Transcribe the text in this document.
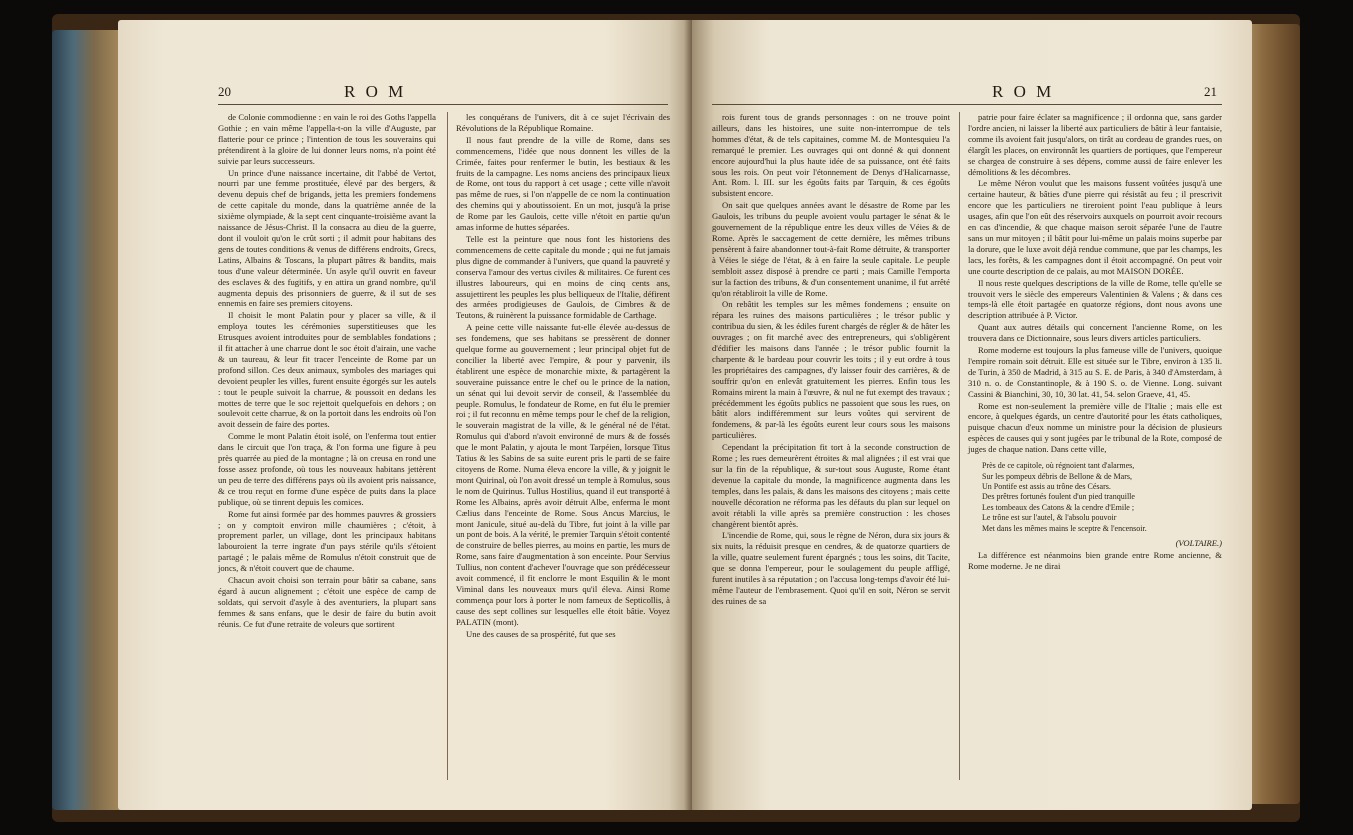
20	R O M

de Colonie commodienne : en vain le roi des Goths l'appella Gothie ; en vain même l'appella-t-on la ville d'Auguste, par flatterie pour ce prince ; l'intention de tous les souverains qui prétendirent à la gloire de lui donner leurs noms, n'a point été suivie par leurs successeurs.

Un prince d'une naissance incertaine, dit l'abbé de Vertot, nourri par une femme prostituée, élevé par des bergers, & devenu depuis chef de brigands, jetta les premiers fondemens de cette capitale du monde, dans la quatrième année de la sixième olympiade, & la sept cent cinquante-troisième avant la naissance de Jésus-Christ. Il la consacra au dieu de la guerre, dont il vouloit qu'on le crût sorti ; il admit pour habitans des gens de toutes conditions & venus de différens endroits, Grecs, Latins, Albains & Toscans, la plupart pâtres & bandits, mais tous d'une valeur déterminée. Un asyle qu'il ouvrit en faveur des esclaves & des fugitifs, y en attira un grand nombre, qu'il augmenta depuis des prisonniers de guerre, & il sut de ses ennemis en faire ses premiers citoyens.

Il choisit le mont Palatin pour y placer sa ville, & il employa toutes les cérémonies superstitieuses que les Etrusques avoient introduites pour de semblables fondations ; il fit attacher à une charrue dont le soc étoit d'airain, une vache & un taureau, & leur fit tracer l'enceinte de Rome par un profond sillon. Ces deux animaux, symboles des mariages qui devoient peupler les villes, furent ensuite égorgés sur les autels : tout le peuple suivoit la charrue, & poussoit en dedans les mottes de terre que le soc rejettoit quelquefois en dehors ; on soulevoit cette charrue, & on la portoit dans les endroits où l'on avoit dessein de faire des portes.

Comme le mont Palatin étoit isolé, on l'enferma tout entier dans le circuit que l'on traça, & l'on forma une figure à peu près quarrée au pied de la montagne ; là on creusa en rond une fosse assez profonde, où tous les nouveaux habitans jettèrent un peu de terre des différens pays où ils avoient pris naissance, & ce trou reçut en forme d'une espèce de puits dans la place publique, où se tinrent depuis les comices.

Rome fut ainsi formée par des hommes pauvres & grossiers ; on y comptoit environ mille chaumières ; c'étoit, à proprement parler, un village, dont les principaux habitans labouroient la terre ingrate d'un pays stérile qu'ils s'étoient partagé ; le palais même de Romulus n'étoit construit que de joncs, & n'étoit couvert que de chaume.

Chacun avoit choisi son terrain pour bâtir sa cabane, sans égard à aucun alignement ; c'étoit une espèce de camp de soldats, qui servoit d'asyle à des aventuriers, la plupart sans femmes & sans enfans, que le desir de faire du butin avoit réunis. Ce fut d'une retraite de voleurs que sortirent

les conquérans de l'univers, dit à ce sujet l'écrivain des Révolutions de la République Romaine.

Il nous faut prendre de la ville de Rome, dans ses commencemens, l'idée que nous donnent les villes de la Crimée, faites pour renfermer le butin, les bestiaux & les fruits de la campagne. Les noms anciens des principaux lieux de Rome, ont tous du rapport à cet usage ; cette ville n'avoit pas même de rues, si l'on n'appelle de ce nom la continuation des chemins qui y aboutissoient. En un mot, jusqu'à la prise de Rome par les Gaulois, cette ville n'étoit en partie qu'un amas informe de huttes séparées.

Telle est la peinture que nous font les historiens des commencemens de cette capitale du monde ; qui ne fut jamais plus digne de commander à l'univers, que quand la pauvreté y conserva l'amour des vertus civiles & militaires. Ce furent ces illustres laboureurs, qui en moins de cinq cents ans, assujettirent les peuples les plus belliqueux de l'Italie, défirent des armées prodigieuses de Gaulois, de Cimbres & de Teutons, & ruinèrent la puissance formidable de Carthage.

A peine cette ville naissante fut-elle élevée au-dessus de ses fondemens, que ses habitans se pressèrent de donner quelque forme au gouvernement ; leur principal objet fut de concilier la liberté avec l'empire, & pour y parvenir, ils établirent une espèce de monarchie mixte, & partagèrent la souveraine puissance entre le chef ou le prince de la nation, un sénat qui lui devoit servir de conseil, & l'assemblée du peuple. Romulus, le fondateur de Rome, en fut élu le premier roi ; il fut reconnu en même temps pour le chef de la religion, le souverain magistrat de la ville, & le général né de l'état. Romulus qui d'abord n'avoit environné de murs & de fossés que le mont Palatin, y ajouta le mont Tarpéien, lorsque Titus Tatius & les Sabins de sa suite eurent pris le parti de se faire citoyens de Rome. Numa éleva encore la ville, & y joignit le mont Quirinal, où l'on avoit dressé un temple à Romulus, sous le nom de Quirinus. Tullus Hostilius, quand il eut transporté à Rome les Albains, après avoir détruit Albe, enferma le mont Cælius dans l'enceinte de Rome. Sous Ancus Marcius, le mont Janicule, situé au-delà du Tibre, fut joint à la ville par un pont de bois. A la vérité, le premier Tarquin s'étoit contenté de construire de belles pierres, au moins en partie, les murs de Rome, sans faire d'augmentation à son enceinte. Pour Servius Tullius, non content d'achever l'ouvrage que son prédécesseur avoit commencé, il fit enclorre le mont Esquilin & le mont Viminal dans les nouveaux murs qu'il éleva. Ainsi Rome commença pour lors à porter le nom fameux de Septicollis, à cause des sept collines sur lesquelles elle étoit bâtie. Voyez PALATIN (mont).

Une des causes de sa prospérité, fut que ses

R O M	21

rois furent tous de grands personnages : on ne trouve point ailleurs, dans les histoires, une suite non-interrompue de tels hommes d'état, & de tels capitaines, comme M. de Montesquieu l'a remarqué le premier. Les ouvrages qui ont donné & qui donnent encore aujourd'hui la plus haute idée de sa puissance, ont été faits sous les rois. On peut voir l'étonnement de Denys d'Halicarnasse, Ant. Rom. l. III. sur les égoûts faits par Tarquin, & ces égoûts subsistent encore.

On sait que quelques années avant le désastre de Rome par les Gaulois, les tribuns du peuple avoient voulu partager le sénat & le gouvernement de la république entre les deux villes de Véies & de Rome. Après le saccagement de cette dernière, les mêmes tribuns pensèrent à faire abandonner tout-à-fait Rome détruite, & transporter à Véies le siége de l'état, & à en faire la seule capitale. Le peuple sembloit assez disposé à prendre ce parti ; mais Camille l'emporta sur la faction des tribuns, & d'un consentement unanime, il fut arrêté qu'on rétabliroit la ville de Rome.

On rebâtit les temples sur les mêmes fondemens ; ensuite on répara les ruines des maisons particulières ; le trésor public y contribua du sien, & les édiles furent chargés de régler & de hâter les ouvrages ; on fit marché avec des entrepreneurs, qui s'obligèrent d'édifier les maisons dans l'année ; le trésor public fournit la charpente & le bardeau pour couvrir les toits ; il y eut ordre à tous les propriétaires des campagnes, d'y laisser fouir des carrières, & de souffrir qu'on en enlevât gratuitement les pierres. Enfin tous les Romains mirent la main à l'œuvre, & nul ne fut exempt des travaux ; précédemment les égoûts publics ne passoient que sous les rues, on bâtit alors indifféremment sur leurs voûtes qui servirent de fondemens, & par-là les égoûts eurent leur cours sous les maisons particulières.

Cependant la précipitation fit tort à la seconde construction de Rome ; les rues demeurèrent étroites & mal alignées ; il est vrai que sur la fin de la république, & sur-tout sous Auguste, Rome étant devenue la capitale du monde, la magnificence augmenta dans les temples, dans les palais, & dans les maisons des citoyens ; mais cette nouvelle décoration ne réforma pas les défauts du plan sur lequel on avoit rétabli la ville après sa première construction : les choses changèrent bientôt après.

L'incendie de Rome, qui, sous le règne de Néron, dura six jours & six nuits, la réduisit presque en cendres, & de quatorze quartiers de la ville, quatre seulement furent épargnés ; tous les soins, dit Tacite, que se donna l'empereur, pour le soulagement du peuple affligé, furent inutiles à sa réputation ; on l'accusa long-temps d'avoir été lui-même l'auteur de l'embrasement. Quoi qu'il en soit, Néron se servit des ruines de sa

patrie pour faire éclater sa magnificence ; il ordonna que, sans garder l'ordre ancien, ni laisser la liberté aux particuliers de bâtir à leur fantaisie, comme ils avoient fait jusqu'alors, on tirât au cordeau de grandes rues, on élargît les places, on environnât les quartiers de portiques, que l'empereur se chargea de construire à ses dépens, comme aussi de faire enlever les démolitions & les décombres.

Le même Néron voulut que les maisons fussent voûtées jusqu'à une certaine hauteur, & bâties d'une pierre qui résistât au feu ; il prescrivit encore que les particuliers ne tireroient point l'eau publique à leurs usages, afin que l'on eût des réservoirs auxquels on pourroit avoir recours en cas d'incendie, & que chaque maison seroit séparée l'une de l'autre sans un mur mitoyen ; il bâtit pour lui-même un palais moins superbe par la dorure, que le luxe avoit déjà rendue commune, que par les champs, les lacs, les forêts, & les campagnes dont il étoit accompagné. On peut voir une courte description de ce palais, au mot MAISON DORÉE.

Il nous reste quelques descriptions de la ville de Rome, telle qu'elle se trouvoit vers le siècle des empereurs Valentinien & Valens ; & dans ces temps-là elle étoit partagée en quatorze régions, dont nous avons une description attribuée à P. Victor.

Quant aux autres détails qui concernent l'ancienne Rome, on les trouvera dans ce Dictionnaire, sous leurs divers articles particuliers.

Rome moderne est toujours la plus fameuse ville de l'univers, quoique l'empire romain soit détruit. Elle est située sur le Tibre, environ à 135 li. de Turin, à 350 de Madrid, à 315 au S. E. de Paris, à 340 d'Amsterdam, à 310 n. o. de Constantinople, & à 190 S. o. de Vienne. Long. suivant Cassini & Bianchini, 30, 10, 30 lat. 41, 54. selon Graeve, 41, 45.

Rome est non-seulement la première ville de l'Italie ; mais elle est encore, à quelques égards, un centre d'autorité pour les états catholiques, puisque chacun d'eux nomme un ministre pour la décision de plusieurs espèces de causes qui y sont jugées par le tribunal de la Rote, composé de juges de chaque nation. Dans cette ville,

Près de ce capitole, où régnoient tant d'alarmes,
Sur les pompeux débris de Bellone & de Mars,
Un Pontife est assis au trône des Césars.
Des prêtres fortunés foulent d'un pied tranquille
Les tombeaux des Catons & la cendre d'Emile ;
Le trône est sur l'autel, & l'absolu pouvoir
Met dans les mêmes mains le sceptre & l'encensoir.

(VOLTAIRE.)

La différence est néanmoins bien grande entre Rome ancienne, & Rome moderne. Je ne dirai
